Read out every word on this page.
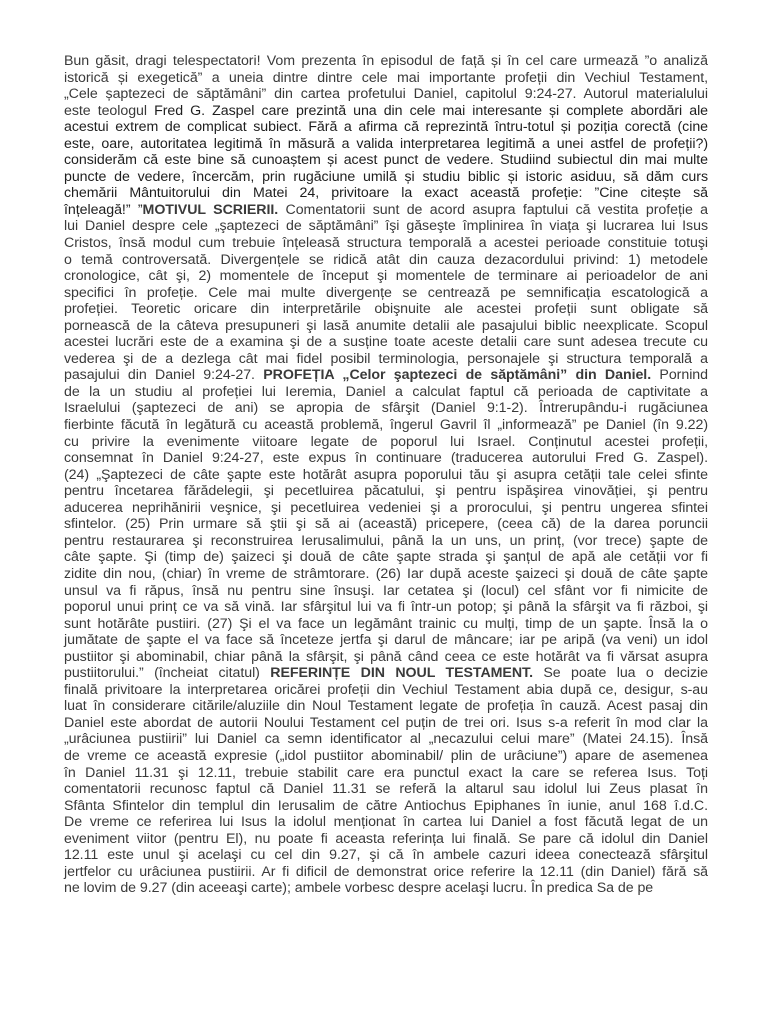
Bun găsit, dragi telespectatori! Vom prezenta în episodul de față și în cel care urmează ”o analiză
istorică și exegetică” a uneia dintre dintre cele mai importante profeții din Vechiul Testament,
„Cele șaptezeci de săptămâni” din cartea profetului Daniel, capitolul 9:24-27. Autorul materialului
este teologul Fred G. Zaspel care prezintă una din cele mai interesante și complete abordări ale
acestui extrem de complicat subiect. Fără a afirma că reprezintă întru-totul și poziția corectă (cine
este, oare, autoritatea legitimă în măsură a valida interpretarea legitimă a unei astfel de profeții?)
considerăm că este bine să cunoaștem și acest punct de vedere. Studiind subiectul din mai multe
puncte de vedere, încercăm, prin rugăciune umilă și studiu biblic și istoric asiduu, să dăm curs
chemării Mântuitorului din Matei 24, privitoare la exact această profeție: ”Cine citește să
înțeleagă!” ”MOTIVUL SCRIERII. Comentatorii sunt de acord asupra faptului că vestita profeție a
lui Daniel despre cele „şaptezeci de săptămâni” îşi găseşte împlinirea în viața şi lucrarea lui Isus
Cristos, însă modul cum trebuie înțeleasă structura temporală a acestei perioade constituie totuşi
o temă controversată. Divergențele se ridică atât din cauza dezacordului privind: 1) metodele
cronologice, cât şi, 2) momentele de început şi momentele de terminare ai perioadelor de ani
specifici în profeție. Cele mai multe divergențe se centrează pe semnificația escatologică a
profeției. Teoretic oricare din interpretările obişnuite ale acestei profeții sunt obligate să
pornească de la câteva presupuneri şi lasă anumite detalii ale pasajului biblic neexplicate. Scopul
acestei lucrări este de a examina şi de a susține toate aceste detalii care sunt adesea trecute cu
vederea şi de a dezlega cât mai fidel posibil terminologia, personajele şi structura temporală a
pasajului din Daniel 9:24-27. PROFEȚIA „Celor şaptezeci de săptămâni” din Daniel. Pornind
de la un studiu al profeției lui Ieremia, Daniel a calculat faptul că perioada de captivitate a
Israelului (şaptezeci de ani) se apropia de sfârşit (Daniel 9:1-2). Întrerupându-i rugăciunea
fierbinte făcută în legătură cu această problemă, îngerul Gavril îl „informează” pe Daniel (în 9.22)
cu privire la evenimente viitoare legate de poporul lui Israel. Conținutul acestei profeții,
consemnat în Daniel 9:24-27, este expus în continuare (traducerea autorului Fred G. Zaspel).
(24) „Şaptezeci de câte şapte este hotărât asupra poporului tău şi asupra cetății tale celei sfinte
pentru încetarea fărădelegii, şi pecetluirea păcatului, şi pentru ispăşirea vinovăției, şi pentru
aducerea neprihănirii veşnice, şi pecetluirea vedeniei şi a prorocului, şi pentru ungerea sfintei
sfintelor. (25) Prin urmare să ştii şi să ai (această) pricepere, (ceea că) de la darea poruncii
pentru restaurarea şi reconstruirea Ierusalimului, până la un uns, un prinț, (vor trece) şapte de
câte şapte. Şi (timp de) şaizeci şi două de câte şapte strada şi şanțul de apă ale cetății vor fi
zidite din nou, (chiar) în vreme de strâmtorare. (26) Iar după aceste şaizeci şi două de câte şapte
unsul va fi răpus, însă nu pentru sine însuşi. Iar cetatea şi (locul) cel sfânt vor fi nimicite de
poporul unui prinț ce va să vină. Iar sfârşitul lui va fi într-un potop; şi până la sfârşit va fi război, şi
sunt hotărâte pustiiri. (27) Şi el va face un legământ trainic cu mulți, timp de un şapte. Însă la o
jumătate de şapte el va face să înceteze jertfa şi darul de mâncare; iar pe aripă (va veni) un idol
pustiitor şi abominabil, chiar până la sfârşit, şi până când ceea ce este hotărât va fi vărsat asupra
pustiitorului.” (încheiat citatul) REFERINȚE DIN NOUL TESTAMENT. Se poate lua o decizie
finală privitoare la interpretarea oricărei profeții din Vechiul Testament abia după ce, desigur, s-au
luat în considerare citările/aluziile din Noul Testament legate de profeția în cauză. Acest pasaj din
Daniel este abordat de autorii Noului Testament cel puțin de trei ori. Isus s-a referit în mod clar la
„urâciunea pustiirii” lui Daniel ca semn identificator al „necazului celui mare” (Matei 24.15). Însă
de vreme ce această expresie („idol pustiitor abominabil/ plin de urâciune”) apare de asemenea
în Daniel 11.31 şi 12.11, trebuie stabilit care era punctul exact la care se referea Isus. Toți
comentatorii recunosc faptul că Daniel 11.31 se referă la altarul sau idolul lui Zeus plasat în
Sfânta Sfintelor din templul din Ierusalim de către Antiochus Epiphanes în iunie, anul 168 î.d.C.
De vreme ce referirea lui Isus la idolul menționat în cartea lui Daniel a fost făcută legat de un
eveniment viitor (pentru El), nu poate fi aceasta referința lui finală. Se pare că idolul din Daniel
12.11 este unul şi acelaşi cu cel din 9.27, şi că în ambele cazuri ideea conectează sfârşitul
jertfelor cu urâciunea pustiirii. Ar fi dificil de demonstrat orice referire la 12.11 (din Daniel) fără să
ne lovim de 9.27 (din aceeaşi carte); ambele vorbesc despre acelaşi lucru. În predica Sa de pe
